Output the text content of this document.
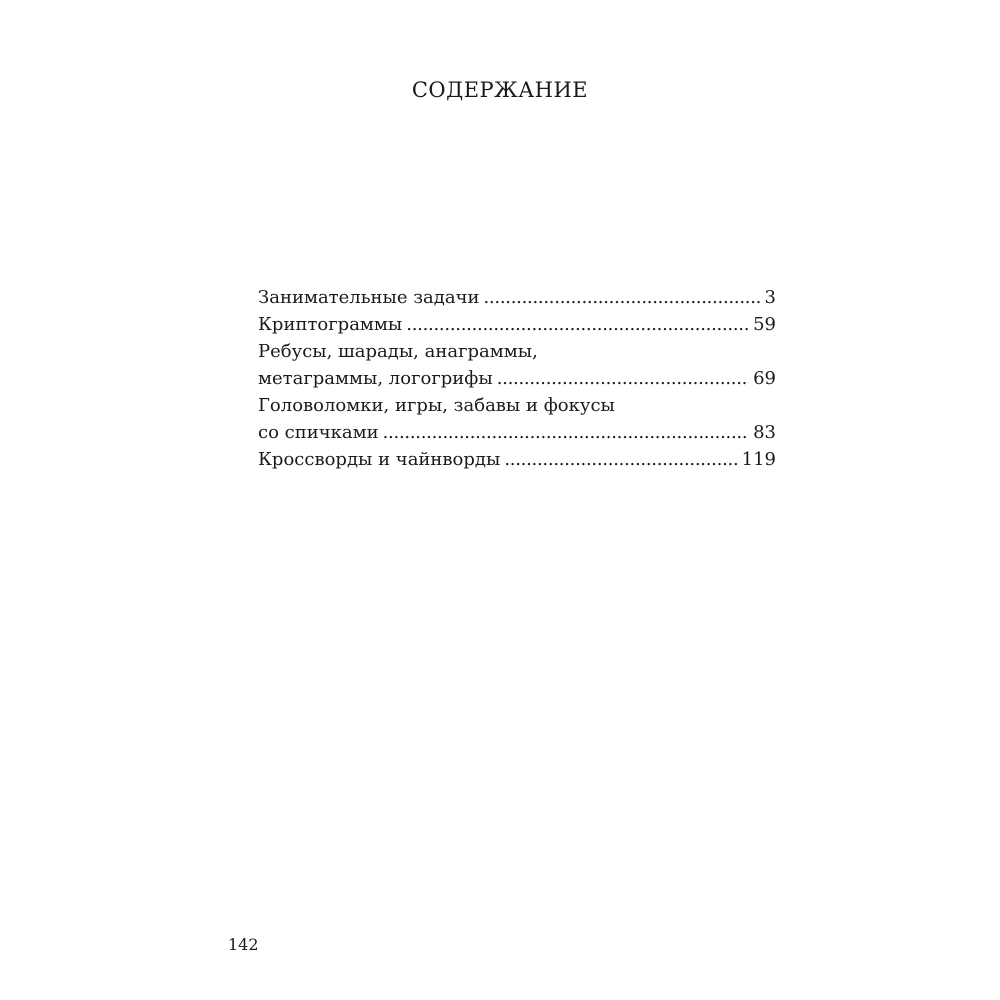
СОДЕРЖАНИЕ
Занимательные задачи . . .	3
Криптограммы . . .	59
Ребусы, шарады, анаграммы,
метаграммы, логогрифы . . .	69
Головоломки, игры, забавы и фокусы
со спичками . . .	83
Кроссворды и чайнворды . . .	119
142
